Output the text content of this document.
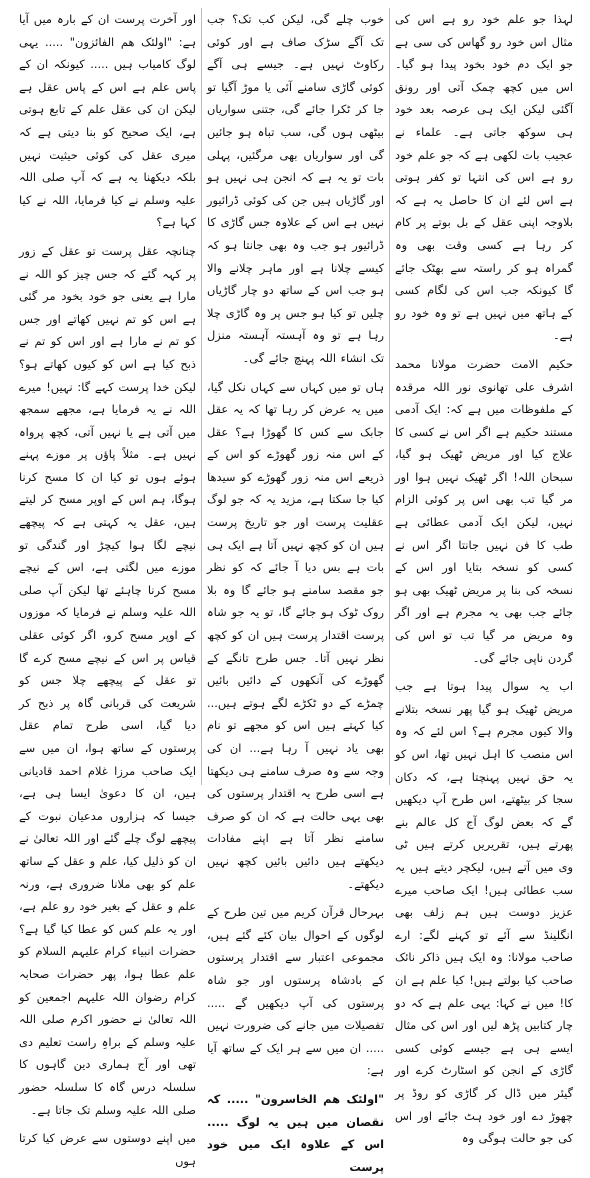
لہذا جو علم خود رو ہے اس کی مثال اس خود رو گھاس کی سی ہے جو ایک دم خود بخود پیدا ہو گیا۔ اس میں کچھ چمک آتی اور رونق آگئی لیکن ایک ہی عرصہ بعد خود ہی سوکھ جاتی ہے۔ علماء نے عجیب بات لکھی ہے کہ جو علم خود رو ہے اس کی انتہا تو کفر ہوتی ہے اس لئے ان کا حاصل یہ ہے کہ بلاوجہ اپنی عقل کے بل بوتے پر کام کر رہا ہے کسی وقت بھی وہ گمراہ ہو کر راستہ سے بھٹک جائے گا کیونکہ جب اس کی لگام کسی کے ہاتھ میں نہیں ہے تو وہ خود رو ہے۔

حکیم الامت حضرت مولانا محمد اشرف علی تھانوی نور اللہ مرقدہ کے ملفوظات میں ہے کہ: ایک آدمی مستند حکیم ہے اگر اس نے کسی کا علاج کیا اور مریض ٹھیک ہو گیا، سبحان اللہ! اگر ٹھیک نہیں ہوا اور مر گیا تب بھی اس پر کوئی الزام نہیں، لیکن ایک آدمی عطائی ہے طب کا فن نہیں جانتا اگر اس نے کسی کو نسخہ بتایا اور اس کے نسخہ کی بنا پر مریض ٹھیک بھی ہو جائے جب بھی یہ مجرم ہے اور اگر وہ مریض مر گیا تب تو اس کی گردن ناپی جائے گی۔

اب یہ سوال پیدا ہوتا ہے جب مریض ٹھیک ہو گیا پھر نسخہ بتلانے والا کیوں مجرم ہے؟ اس لئے کہ وہ اس منصب کا اہل نہیں تھا، اس کو یہ حق نہیں پہنچتا ہے، کہ دکان سجا کر بیٹھتے، اس طرح آپ دیکھیں گے کہ بعض لوگ آج کل عالم بنے پھرتے ہیں، تقریریں کرتے ہیں ٹی وی میں آتے ہیں، لیکچر دیتے ہیں یہ سب عطائی ہیں! ایک صاحب میرے عزیز دوست ہیں ہم زلف بھی انگلینڈ سے آئے تو کہنے لگے: ارے صاحب مولانا: وہ ایک ہیں ذاکر نائک صاحب کیا بولتے ہیں! کیا علم ہے ان کا! میں نے کہا: یہی علم ہے کہ دو چار کتابیں پڑھ لیں اور اس کی مثال ایسے ہی ہے جیسے کوئی کسی گاڑی کے انجن کو اسٹارٹ کرے اور گیئر میں ڈال کر گاڑی کو روڈ پر چھوڑ دے اور خود ہٹ جائے اور اس کی جو حالت ہوگی وہ

خوب چلے گی، لیکن کب تک؟ جب تک آگے سڑک صاف ہے اور کوئی رکاوٹ نہیں ہے۔ جیسے ہی آگے کوئی گاڑی سامنے آئی یا موڑ آگیا تو جا کر ٹکرا جائے گی، جتنی سواریاں بیٹھی ہوں گی، سب تباہ ہو جائیں گی اور سواریاں بھی مرگئیں، پہلی بات تو یہ ہے کہ انجن ہی نہیں ہو اور گاڑیاں ہیں جن کی کوئی ڈرائیور نہیں ہے اس کے علاوہ جس گاڑی کا ڈرائیور ہو جب وہ بھی جانتا ہو کہ کیسے چلانا ہے اور ماہر چلانے والا ہو جب اس کے ساتھ دو چار گاڑیاں چلیں تو کیا ہو جس پر وہ گاڑی چلا رہا ہے تو وہ آہستہ آہستہ منزل تک انشاء اللہ پہنچ جائے گی۔

ہاں تو میں کہاں سے کہاں نکل گیا، میں یہ عرض کر رہا تھا کہ یہ عقل جابک سے کس کا گھوڑا ہے؟ عقل کے اس منہ زور گھوڑے کو اس کے ذریعے اس منہ زور گھوڑے کو سیدھا کیا جا سکتا ہے، مزید یہ کہ جو لوگ عقلیت پرست اور جو تاریخ پرست ہیں ان کو کچھ نہیں آتا ہے ایک ہی بات ہے بس دیا آ جائے کہ کو نظر جو مقصد سامنے ہو جائے گا وہ بلا روک ٹوک ہو جائے گا، تو یہ جو شاہ پرست اقتدار پرست ہیں ان کو کچھ نظر نہیں آتا۔ جس طرح تانگے کے گھوڑے کی آنکھوں کے دائیں بائیں چمڑے کے دو ٹکڑے لگے ہوتے ہیں... کیا کہتے ہیں اس کو مجھے تو نام بھی یاد نہیں آ رہا ہے... ان کی وجہ سے وہ صرف سامنے ہی دیکھتا ہے اسی طرح یہ اقتدار پرستوں کی بھی یہی حالت ہے کہ ان کو صرف سامنے نظر آتا ہے اپنے مفادات دیکھتے ہیں دائیں بائیں کچھ نہیں دیکھتے۔

بہرحال قرآن کریم میں تین طرح کے لوگوں کے احوال بیان کئے گئے ہیں، مجموعی اعتبار سے اقتدار پرستوں کے بادشاہ پرستوں اور جو شاہ پرستوں کی آپ دیکھیں گے ..... تفصیلات میں جانے کی ضرورت نہیں ..... ان میں سے ہر ایک کے ساتھ آیا ہے:

"اولئک ھم الخاسرون" ..... کہ نقصان میں ہیں یہ لوگ ..... اس کے علاوہ ایک میں خود پرست

اور آخرت پرست ان کے بارہ میں آیا ہے: "اولئک ھم الفائزون" ..... یہی لوگ کامیاب ہیں ..... کیونکہ ان کے پاس علم ہے اس کے پاس عقل ہے لیکن ان کی عقل علم کے تابع ہوتی ہے، ایک صحیح کو بنا دیتی ہے کہ میری عقل کی کوئی حیثیت نہیں بلکہ دیکھنا یہ ہے کہ آپ صلی اللہ علیہ وسلم نے کیا فرمایا، اللہ نے کیا کہا ہے؟

چنانچہ عقل پرست تو عقل کے زور پر کہہ گئے کہ جس چیز کو اللہ نے مارا ہے یعنی جو خود بخود مر گئی ہے اس کو تم نہیں کھاتے اور جس کو تم نے مارا ہے اور اس کو تم نے ذبح کیا ہے اس کو کیوں کھاتے ہو؟ لیکن خدا پرست کہے گا: نہیں! میرے اللہ نے یہ فرمایا ہے، مجھے سمجھ میں آتی ہے یا نہیں آتی، کچھ پرواہ نہیں ہے۔ مثلاً پاؤں پر موزے پہنے ہوئے ہوں تو کیا ان کا مسح کرنا ہوگا، ہم اس کے اوپر مسح کر لیتے ہیں، عقل یہ کہتی ہے کہ پیچھے نیچے لگا ہوا کیچڑ اور گندگی تو موزے میں لگتی ہے، اس کے نیچے مسح کرنا چاہئے تھا لیکن آپ صلی اللہ علیہ وسلم نے فرمایا کہ موزوں کے اوپر مسح کرو، اگر کوئی عقلی قیاس پر اس کے نیچے مسح کرے گا تو عقل کے پیچھے چلا جس کو شریعت کی قربانی گاہ پر ذبح کر دیا گیا، اسی طرح تمام عقل پرستوں کے ساتھ ہوا، ان میں سے ایک صاحب مرزا غلام احمد قادیانی ہیں، ان کا دعویٰ ایسا ہی ہے، جیسا کہ ہزاروں مدعیان نبوت کے پیچھے لوگ چلے گئے اور اللہ تعالیٰ نے ان کو ذلیل کیا، علم و عقل کے ساتھ علم کو بھی ملانا ضروری ہے، ورنہ علم و عقل کے بغیر خود رو علم ہے، اور یہ علم کس کو عطا کیا گیا ہے؟ حضرات انبیاء کرام علیہم السلام کو علم عطا ہوا، پھر حضرات صحابہ کرام رضوان اللہ علیہم اجمعین کو اللہ تعالیٰ نے حضور اکرم صلی اللہ علیہ وسلم کے براہِ راست تعلیم دی تھی اور آج ہماری دین گاہوں کا سلسلہ درس گاہ کا سلسلہ حضور صلی اللہ علیہ وسلم تک جاتا ہے۔

میں اپنے دوستوں سے عرض کیا کرتا ہوں
